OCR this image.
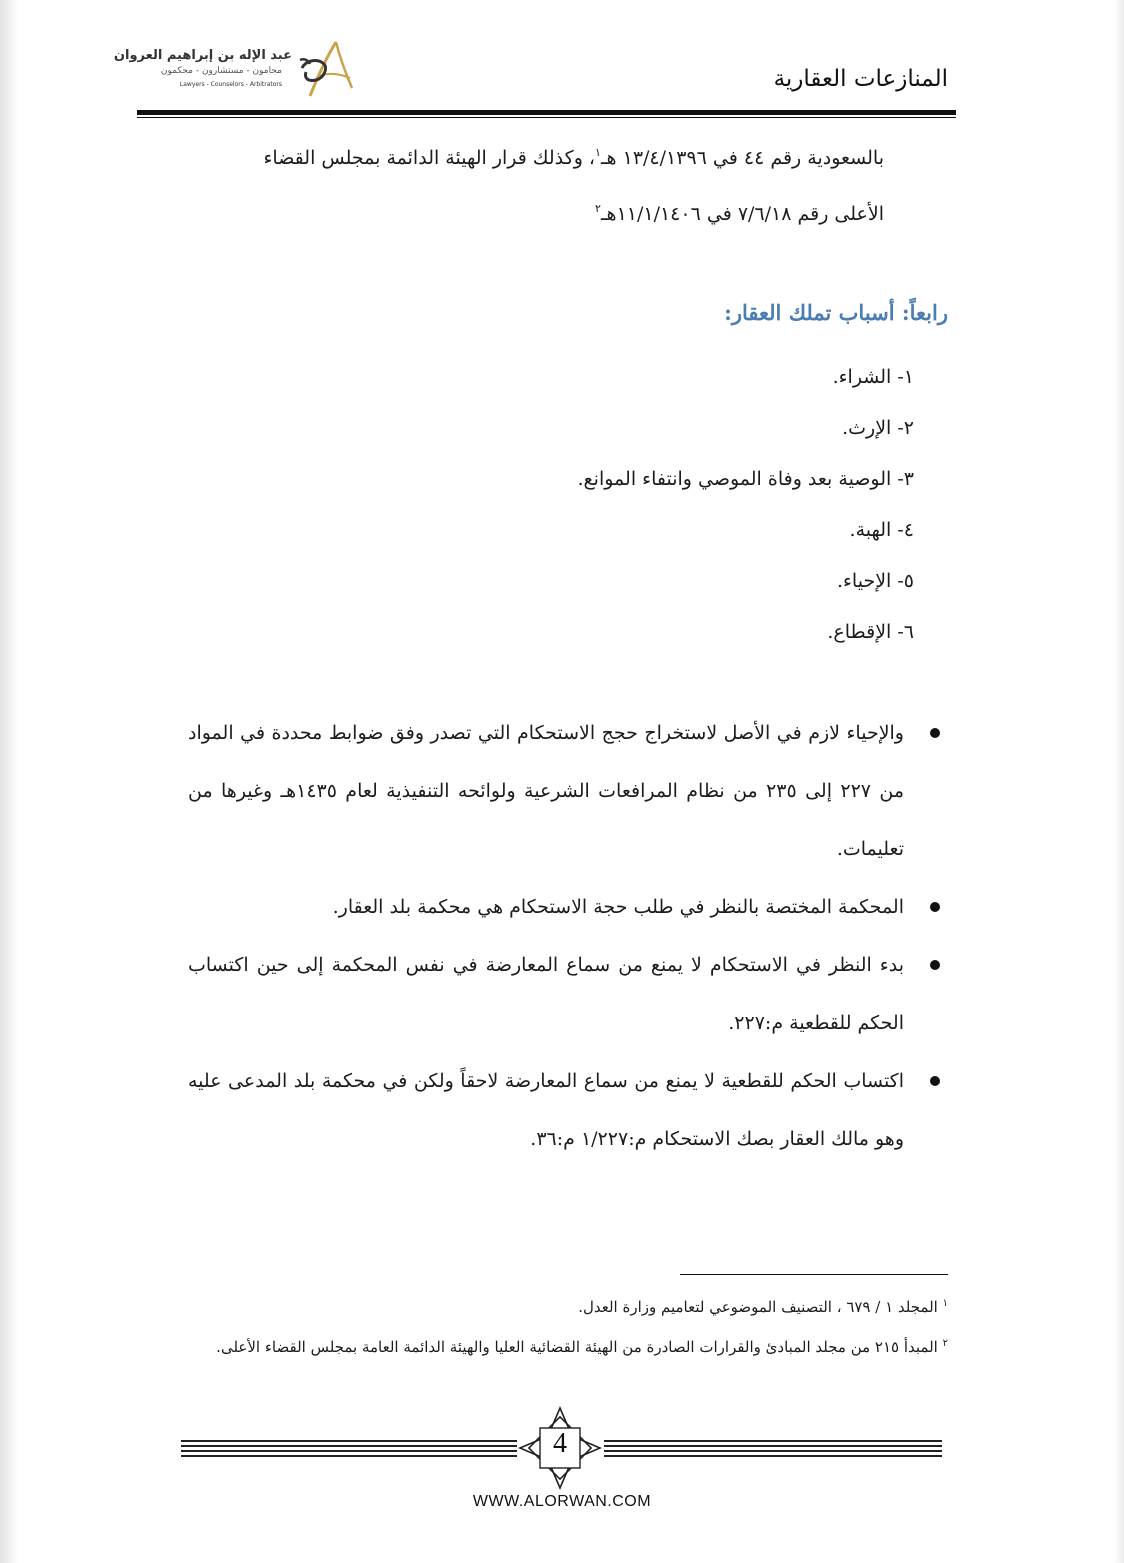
عبد الإله بن إبراهيم العروان
محامون - مستشارون - محكمون
Lawyers - Counselors - Arbitrators	المنازعات العقارية
بالسعودية رقم ٤٤ في ١٣/٤/١٣٩٦ هـ$^١$، وكذلك قرار الهيئة الدائمة بمجلس القضاء
الأعلى رقم ٧/٦/١٨ في ١١/١/١٤٠٦هـ$^٢$
رابعاً: أسباب تملك العقار:
١- الشراء.
٢- الإرث.
٣- الوصية بعد وفاة الموصي وانتفاء الموانع.
٤- الهبة.
٥- الإحياء.
٦- الإقطاع.
والإحياء لازم في الأصل لاستخراج حجج الاستحكام التي تصدر وفق ضوابط محددة في المواد من ٢٢٧ إلى ٢٣٥ من نظام المرافعات الشرعية ولوائحه التنفيذية لعام ١٤٣٥هـ وغيرها من تعليمات.
المحكمة المختصة بالنظر في طلب حجة الاستحكام هي محكمة بلد العقار.
بدء النظر في الاستحكام لا يمنع من سماع المعارضة في نفس المحكمة إلى حين اكتساب الحكم للقطعية م:٢٢٧.
اكتساب الحكم للقطعية لا يمنع من سماع المعارضة لاحقاً ولكن في محكمة بلد المدعى عليه وهو مالك العقار بصك الاستحكام م:١/٢٢٧ م:٣٦.
$^١$ المجلد ١ / ٦٧٩ ، التصنيف الموضوعي لتعاميم وزارة العدل.
$^٢$ المبدأ ٢١٥ من مجلد المبادئ والقرارات الصادرة من الهيئة القضائية العليا والهيئة الدائمة العامة بمجلس القضاء الأعلى.
4
WWW.ALORWAN.COM
